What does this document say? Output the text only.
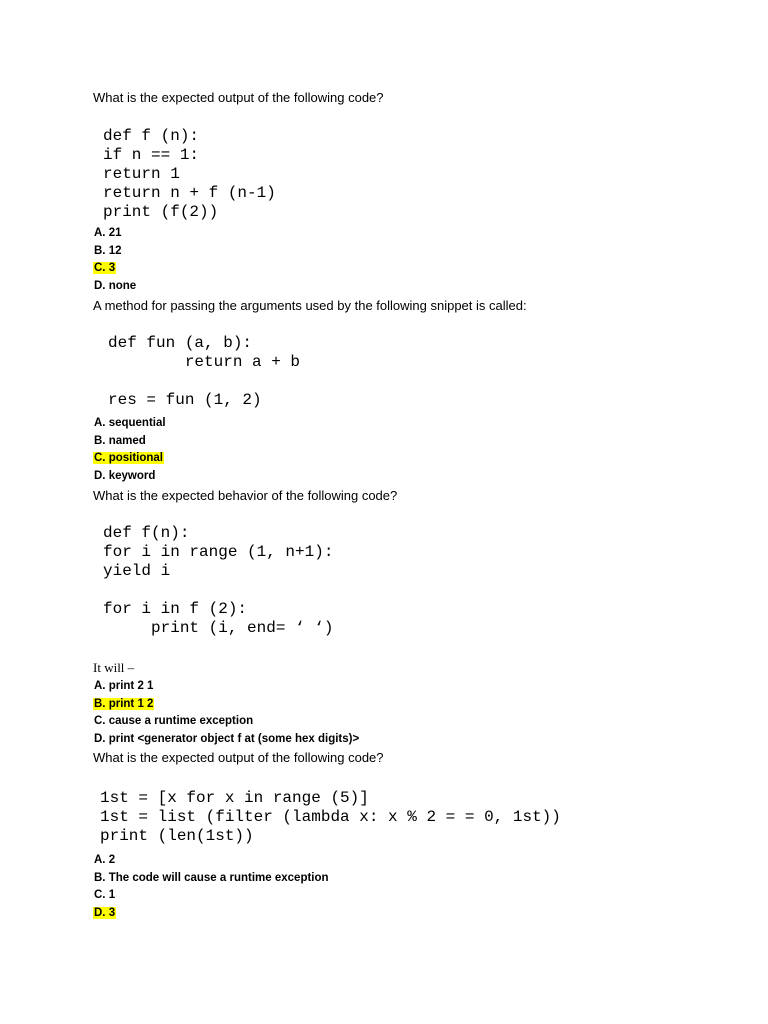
What is the expected output of the following code?
def f (n):
if n == 1:
return 1
return n + f (n-1)
print (f(2))
A. 21
B. 12
C. 3
D. none
A method for passing the arguments used by the following snippet is called:
def fun (a, b):
return a + b

res = fun (1, 2)
A. sequential
B. named
C. positional
D. keyword
What is the expected behavior of the following code?
def f(n):
for i in range (1, n+1):
yield i

for i in f (2):
print (i, end= ‘ ‘)
It will –
A. print 2 1
B. print 1 2
C. cause a runtime exception
D. print <generator object f at (some hex digits)>
What is the expected output of the following code?
1st = [x for x in range (5)]
1st = list (filter (lambda x: x % 2 = = 0, 1st))
print (len(1st))
A. 2
B. The code will cause a runtime exception
C. 1
D. 3
